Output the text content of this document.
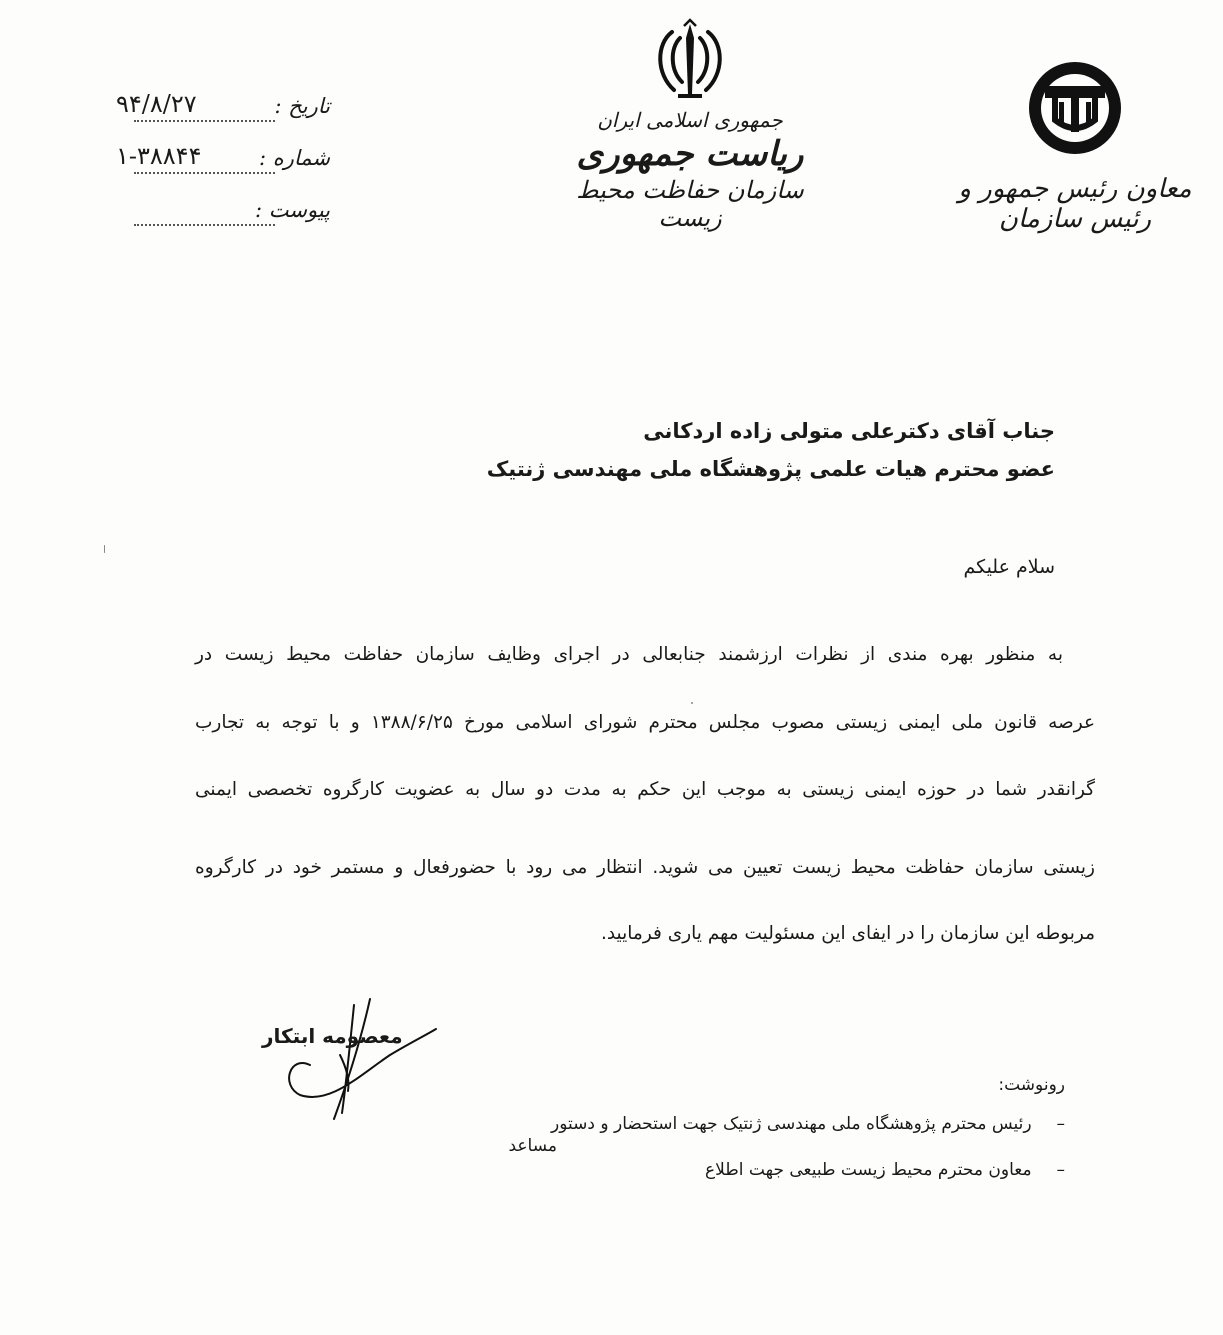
تاریخ :
۹۴/۸/۲۷
شماره :
۱-۳۸۸۴۴
پیوست :
جمهوری اسلامی ایران
ریاست جمهوری
سازمان حفاظت محیط زیست
معاون رئیس جمهور و رئیس سازمان
جناب آقای دکترعلی متولی زاده اردکانی
عضو محترم هیات علمی پژوهشگاه ملی مهندسی ژنتیک
سلام علیکم
به منظور بهره مندی از نظرات ارزشمند جنابعالی در اجرای وظایف سازمان حفاظت محیط زیست در
عرصه قانون ملی ایمنی زیستی مصوب مجلس محترم شورای اسلامی مورخ ۱۳۸۸/۶/۲۵ و با توجه به تجارب
گرانقدر شما در حوزه ایمنی زیستی به موجب این حکم به مدت دو سال به عضویت کارگروه تخصصی ایمنی
زیستی سازمان حفاظت محیط زیست تعیین می شوید. انتظار می رود با حضورفعال و مستمر خود در کارگروه
مربوطه این سازمان را در ایفای این مسئولیت مهم یاری فرمایید.
معصومه ابتکار
رونوشت:
– رئیس محترم پژوهشگاه ملی مهندسی ژنتیک جهت استحضار و دستور
مساعد
– معاون محترم محیط زیست طبیعی جهت اطلاع
